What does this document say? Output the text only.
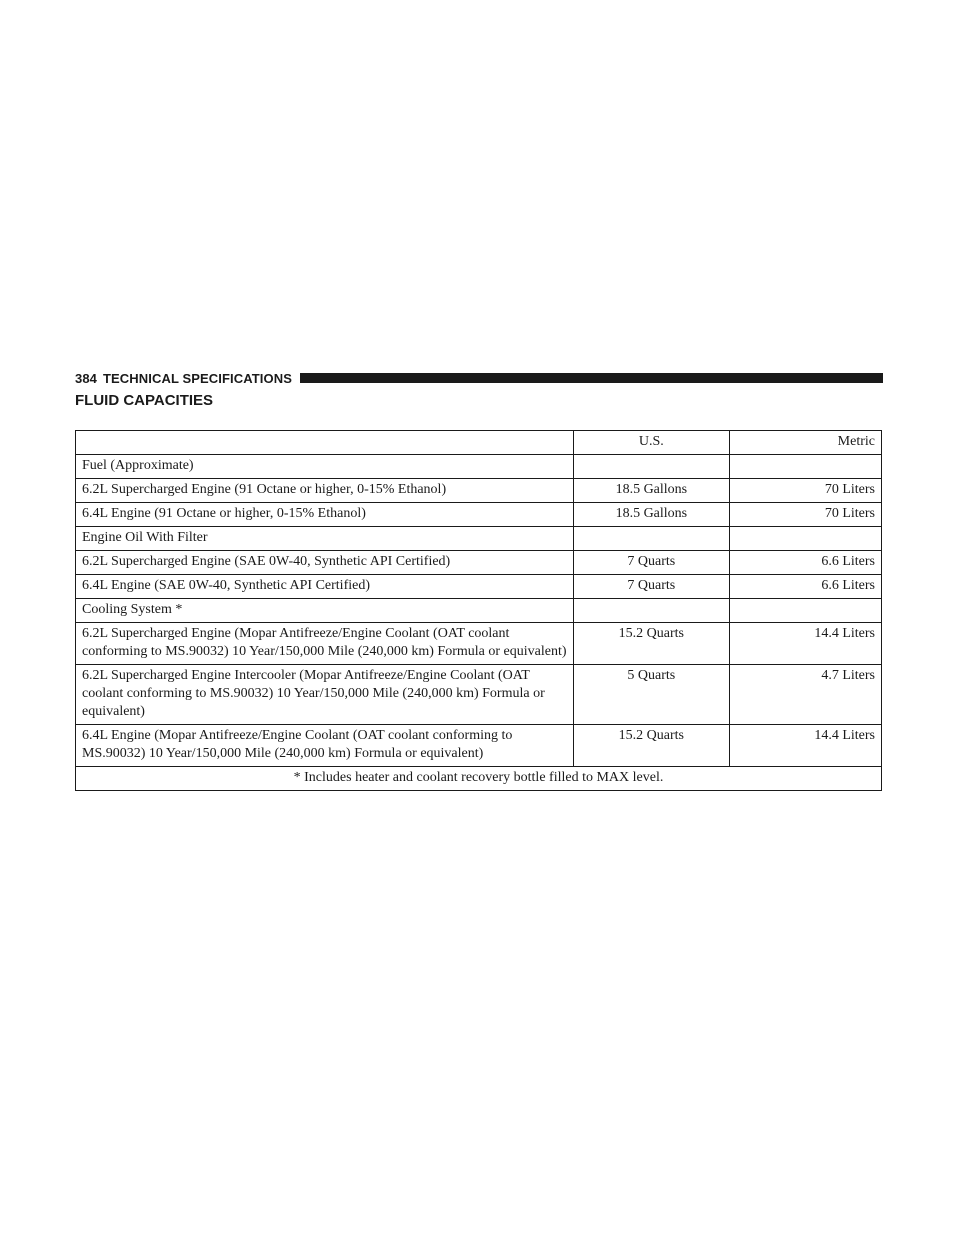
384 TECHNICAL SPECIFICATIONS
FLUID CAPACITIES
	U.S.	Metric
Fuel (Approximate)		
6.2L Supercharged Engine (91 Octane or higher, 0-15% Ethanol)	18.5 Gallons	70 Liters
6.4L Engine (91 Octane or higher, 0-15% Ethanol)	18.5 Gallons	70 Liters
Engine Oil With Filter		
6.2L Supercharged Engine (SAE 0W-40, Synthetic API Certified)	7 Quarts	6.6 Liters
6.4L Engine (SAE 0W-40, Synthetic API Certified)	7 Quarts	6.6 Liters
Cooling System *		
6.2L Supercharged Engine (Mopar Antifreeze/Engine Coolant (OAT coolant conforming to MS.90032) 10 Year/150,000 Mile (240,000 km) Formula or equivalent)	15.2 Quarts	14.4 Liters
6.2L Supercharged Engine Intercooler (Mopar Antifreeze/Engine Coolant (OAT coolant conforming to MS.90032) 10 Year/150,000 Mile (240,000 km) Formula or equivalent)	5 Quarts	4.7 Liters
6.4L Engine (Mopar Antifreeze/Engine Coolant (OAT coolant conforming to MS.90032) 10 Year/150,000 Mile (240,000 km) Formula or equivalent)	15.2 Quarts	14.4 Liters
* Includes heater and coolant recovery bottle filled to MAX level.		
